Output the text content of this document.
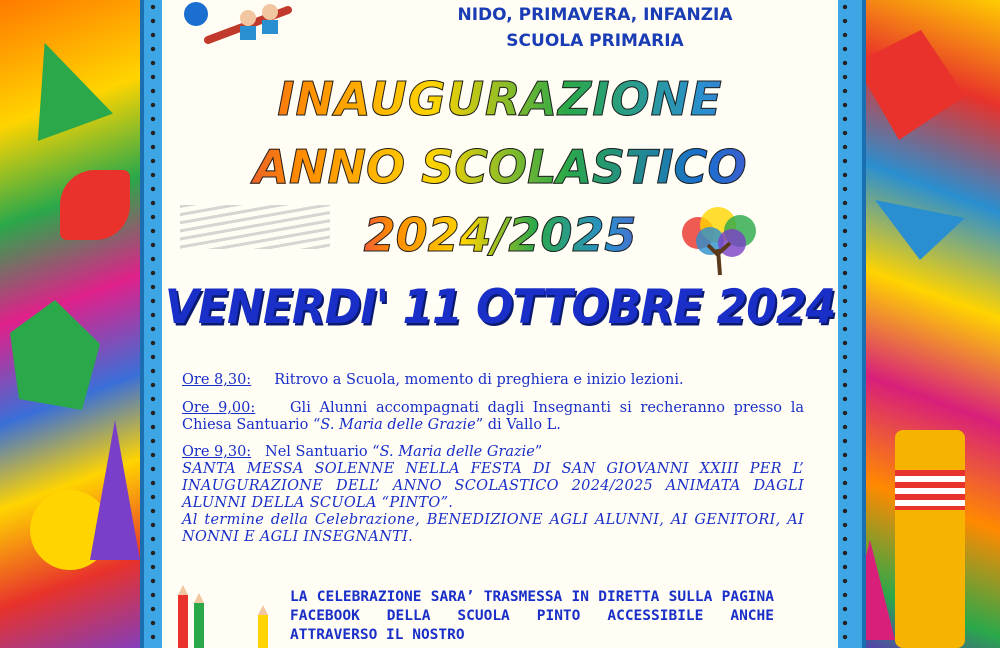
NIDO, PRIMAVERA, INFANZIA
SCUOLA PRIMARIA
INAUGURAZIONE
ANNO SCOLASTICO
2024/2025
VENERDI' 11 OTTOBRE 2024
Ore 8,30: Ritrovo a Scuola, momento di preghiera e inizio lezioni.
Ore 9,00: Gli Alunni accompagnati dagli Insegnanti si recheranno presso la Chiesa Santuario “S. Maria delle Grazie” di Vallo L.
Ore 9,30: Nel Santuario “S. Maria delle Grazie”
SANTA MESSA SOLENNE NELLA FESTA DI SAN GIOVANNI XXIII PER L’ INAUGURAZIONE DELL’ ANNO SCOLASTICO 2024/2025 ANIMATA DAGLI ALUNNI DELLA SCUOLA “PINTO”.
Al termine della Celebrazione, BENEDIZIONE AGLI ALUNNI, AI GENITORI, AI NONNI E AGLI INSEGNANTI.
LA CELEBRAZIONE SARA’ TRASMESSA IN DIRETTA SULLA PAGINA FACEBOOK DELLA SCUOLA PINTO ACCESSIBILE ANCHE ATTRAVERSO IL NOSTRO
